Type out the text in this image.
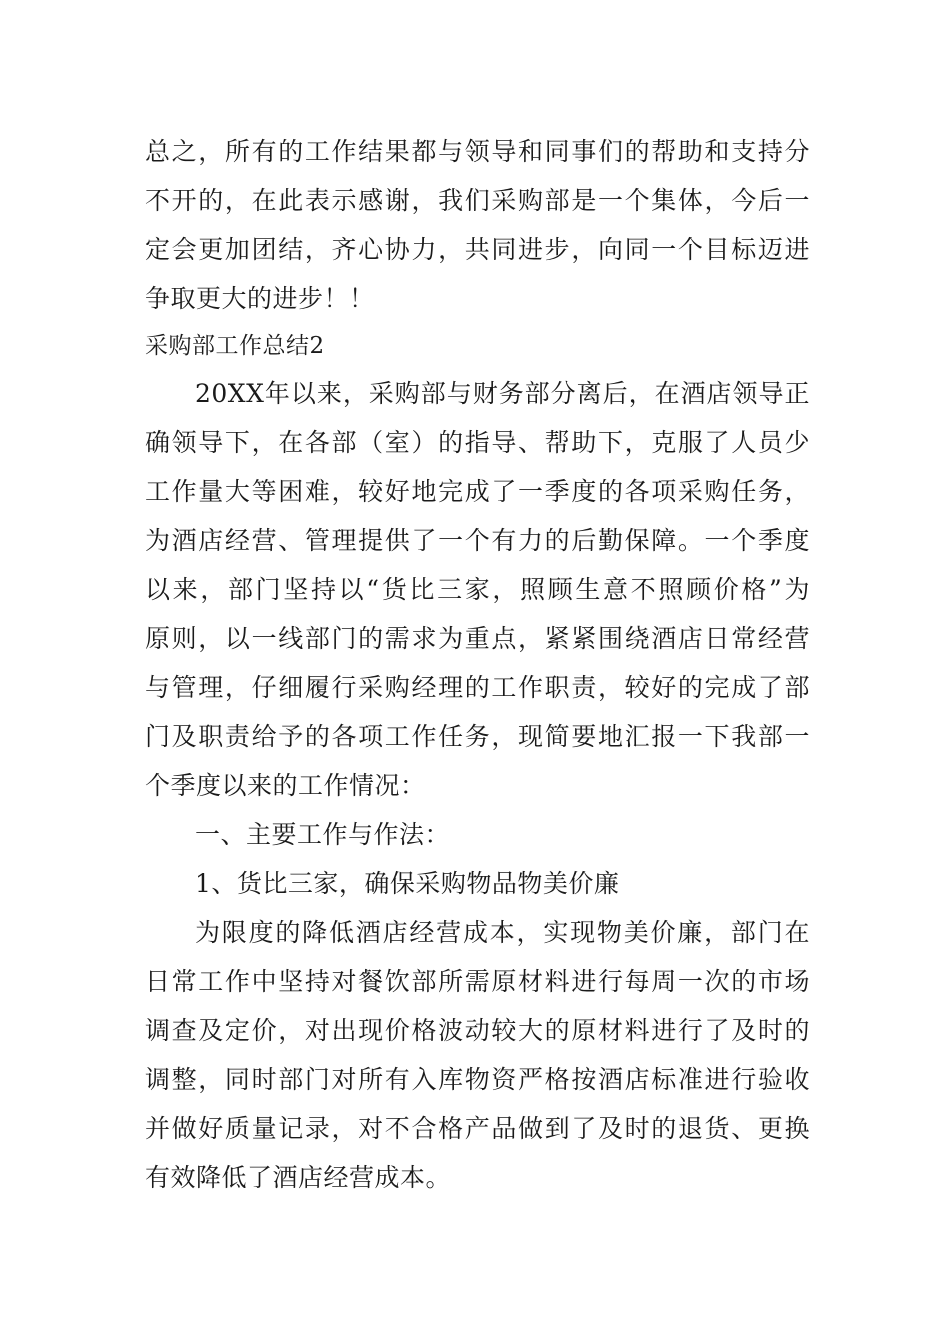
总之，所有的工作结果都与领导和同事们的帮助和支持分
不开的，在此表示感谢，我们采购部是一个集体，今后一
定会更加团结，齐心协力，共同进步，向同一个目标迈进
争取更大的进步！！
采购部工作总结2
20XX年以来，采购部与财务部分离后，在酒店领导正
确领导下，在各部（室）的指导、帮助下，克服了人员少
工作量大等困难，较好地完成了一季度的各项采购任务，
为酒店经营、管理提供了一个有力的后勤保障。一个季度
以来，部门坚持以“货比三家，照顾生意不照顾价格”为
原则，以一线部门的需求为重点，紧紧围绕酒店日常经营
与管理，仔细履行采购经理的工作职责，较好的完成了部
门及职责给予的各项工作任务，现简要地汇报一下我部一
个季度以来的工作情况：
一、主要工作与作法：
1、货比三家，确保采购物品物美价廉
为限度的降低酒店经营成本，实现物美价廉，部门在
日常工作中坚持对餐饮部所需原材料进行每周一次的市场
调查及定价，对出现价格波动较大的原材料进行了及时的
调整，同时部门对所有入库物资严格按酒店标准进行验收
并做好质量记录，对不合格产品做到了及时的退货、更换
有效降低了酒店经营成本。
